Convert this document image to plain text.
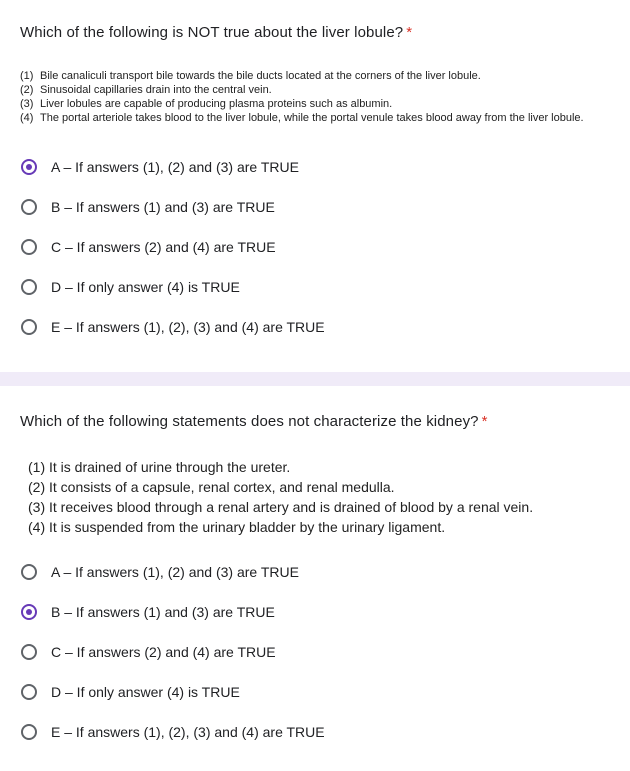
Which of the following is NOT true about the liver lobule? *
(1) Bile canaliculi transport bile towards the bile ducts located at the corners of the liver lobule.
(2) Sinusoidal capillaries drain into the central vein.
(3) Liver lobules are capable of producing plasma proteins such as albumin.
(4) The portal arteriole takes blood to the liver lobule, while the portal venule takes blood away from the liver lobule.
A – If answers (1), (2) and (3) are TRUE
B – If answers (1) and (3) are TRUE
C – If answers (2) and (4) are TRUE
D – If only answer (4) is TRUE
E – If answers (1), (2), (3) and (4) are TRUE
Which of the following statements does not characterize the kidney? *
(1) It is drained of urine through the ureter.
(2) It consists of a capsule, renal cortex, and renal medulla.
(3) It receives blood through a renal artery and is drained of blood by a renal vein.
(4) It is suspended from the urinary bladder by the urinary ligament.
A – If answers (1), (2) and (3) are TRUE
B – If answers (1) and (3) are TRUE
C – If answers (2) and (4) are TRUE
D – If only answer (4) is TRUE
E – If answers (1), (2), (3) and (4) are TRUE
